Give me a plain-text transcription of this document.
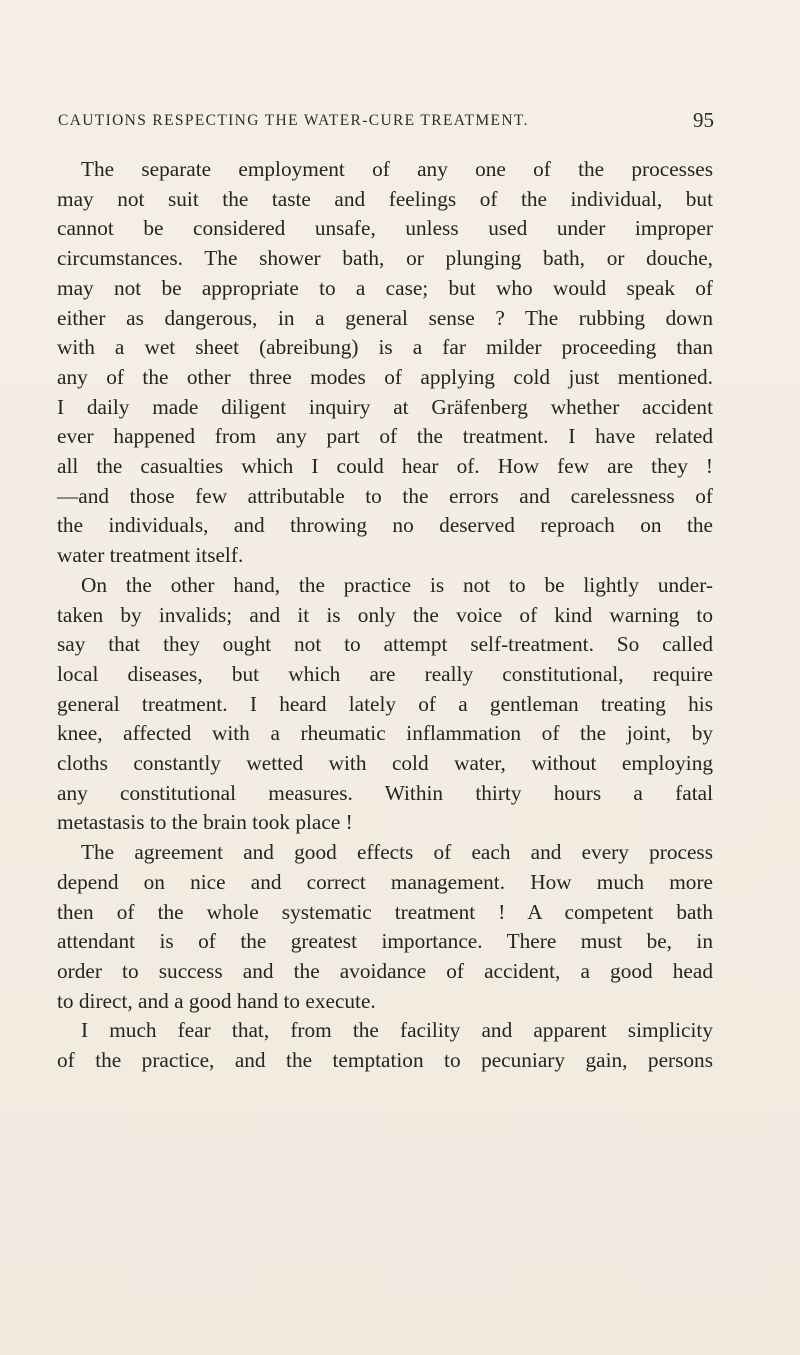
CAUTIONS RESPECTING THE WATER-CURE TREATMENT.	95

The separate employment of any one of the processes
may not suit the taste and feelings of the individual, but
cannot be considered unsafe, unless used under improper
circumstances. The shower bath, or plunging bath, or douche,
may not be appropriate to a case; but who would speak of
either as dangerous, in a general sense ? The rubbing down
with a wet sheet (abreibung) is a far milder proceeding than
any of the other three modes of applying cold just mentioned.
I daily made diligent inquiry at Gräfenberg whether accident
ever happened from any part of the treatment. I have related
all the casualties which I could hear of. How few are they !
—and those few attributable to the errors and carelessness of
the individuals, and throwing no deserved reproach on the
water treatment itself.

On the other hand, the practice is not to be lightly under-
taken by invalids; and it is only the voice of kind warning to
say that they ought not to attempt self-treatment. So called
local diseases, but which are really constitutional, require
general treatment. I heard lately of a gentleman treating his
knee, affected with a rheumatic inflammation of the joint, by
cloths constantly wetted with cold water, without employing
any constitutional measures. Within thirty hours a fatal
metastasis to the brain took place !

The agreement and good effects of each and every process
depend on nice and correct management. How much more
then of the whole systematic treatment ! A competent bath
attendant is of the greatest importance. There must be, in
order to success and the avoidance of accident, a good head
to direct, and a good hand to execute.

I much fear that, from the facility and apparent simplicity
of the practice, and the temptation to pecuniary gain, persons
